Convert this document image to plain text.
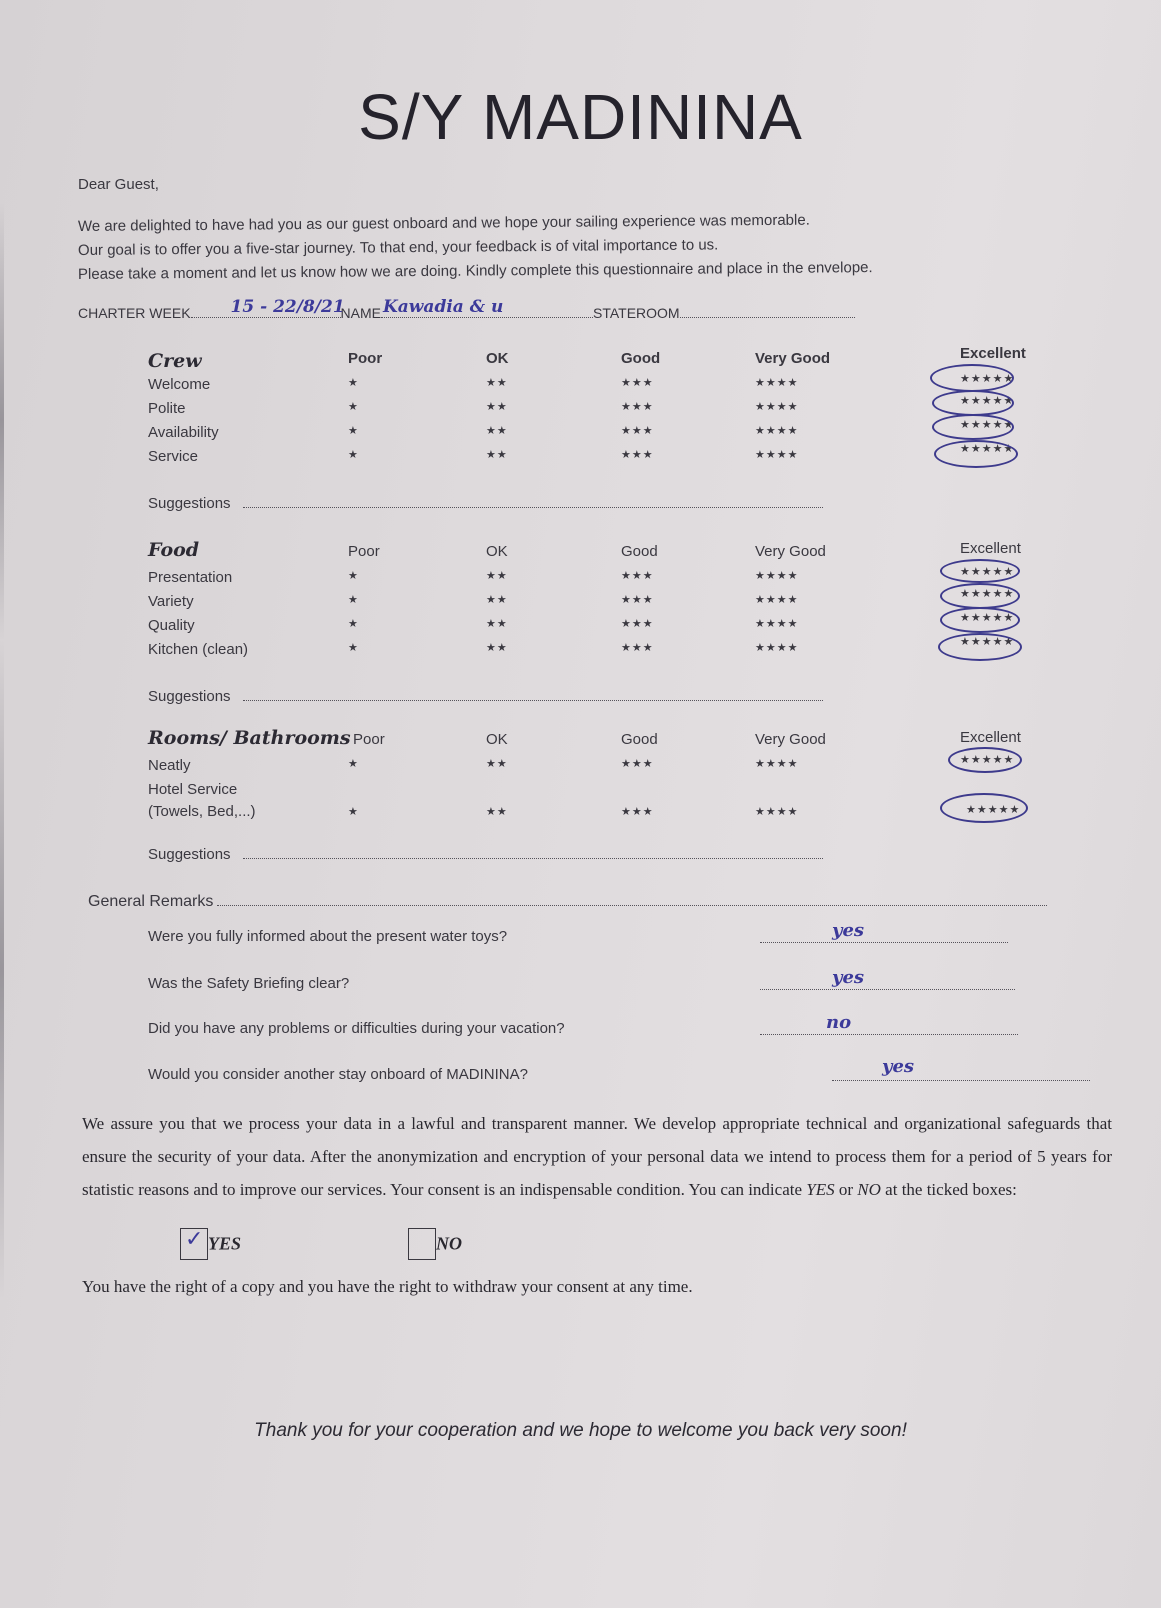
S/Y MADININA
Dear Guest,
We are delighted to have had you as our guest onboard and we hope your sailing experience was memorable.
Our goal is to offer you a five-star journey. To that end, your feedback is of vital importance to us.
Please take a moment and let us know how we are doing. Kindly complete this questionnaire and place in the envelope.
CHARTER WEEK 15 - 22/8/21
NAME Kawadia & u	STATEROOM
Crew	Poor	OK	Good	Very Good	Excellent
Welcome	★	★★	★★★	★★★★	★★★★★
Polite	★	★★	★★★	★★★★	★★★★★
Availability	★	★★	★★★	★★★★	★★★★★
Service	★	★★	★★★	★★★★	★★★★★
Suggestions
Food	Poor	OK	Good	Very Good	Excellent
Presentation	★	★★	★★★	★★★★	★★★★★
Variety	★	★★	★★★	★★★★	★★★★★
Quality	★	★★	★★★	★★★★	★★★★★
Kitchen (clean)	★	★★	★★★	★★★★	★★★★★
Suggestions
Rooms/ Bathrooms Poor	OK	Good	Very Good	Excellent
Neatly	★	★★	★★★	★★★★	★★★★★
Hotel Service
(Towels, Bed,...)	★	★★	★★★	★★★★	★★★★★
Suggestions
General Remarks
Were you fully informed about the present water toys?	yes
Was the Safety Briefing clear?	yes
Did you have any problems or difficulties during your vacation?	no
Would you consider another stay onboard of MADININA?	yes
We assure you that we process your data in a lawful and transparent manner. We develop appropriate technical and organizational safeguards that ensure the security of your data. After the anonymization and encryption of your personal data we intend to process them for a period of 5 years for statistic reasons and to improve our services. Your consent is an indispensable condition. You can indicate YES or NO at the ticked boxes:
✓ YES	NO
You have the right of a copy and you have the right to withdraw your consent at any time.
Thank you for your cooperation and we hope to welcome you back very soon!
